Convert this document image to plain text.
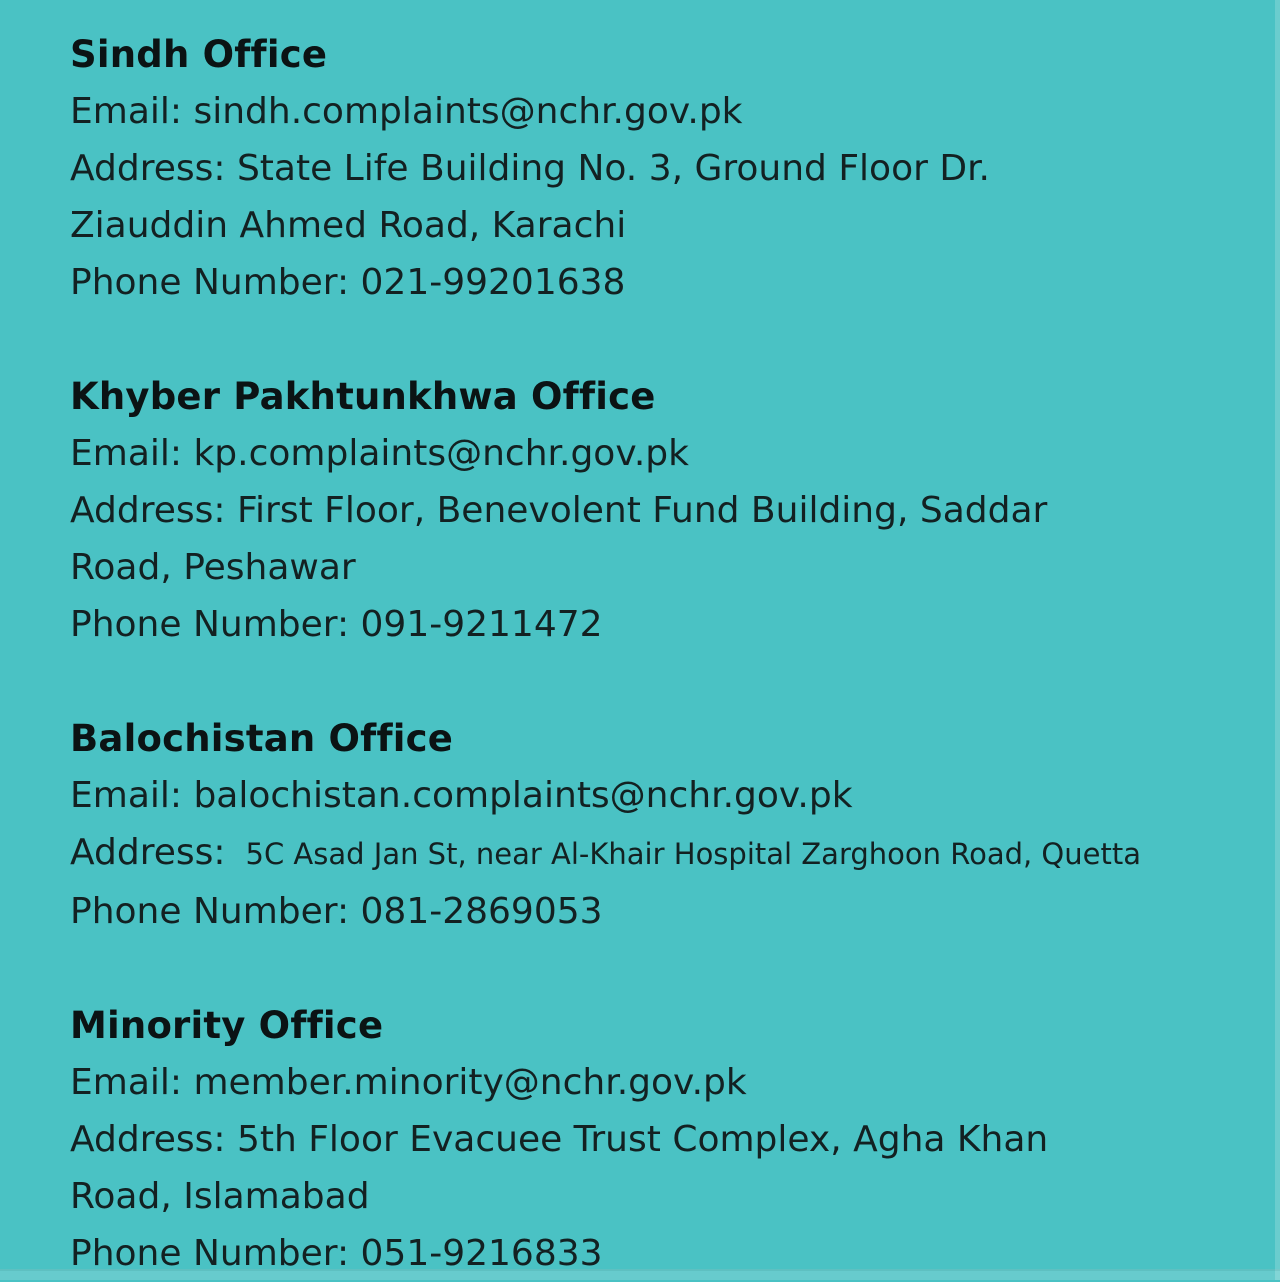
Sindh Office

Email: sindh.complaints@nchr.gov.pk

Address: State Life Building No. 3, Ground Floor Dr.

Ziauddin Ahmed Road, Karachi

Phone Number: 021-99201638

Khyber Pakhtunkhwa Office

Email: kp.complaints@nchr.gov.pk

Address: First Floor, Benevolent Fund Building, Saddar

Road, Peshawar

Phone Number: 091-9211472

Balochistan Office

Email: balochistan.complaints@nchr.gov.pk

Address: 5C Asad Jan St, near Al-Khair Hospital Zarghoon Road, Quetta

Phone Number: 081-2869053

Minority Office

Email: member.minority@nchr.gov.pk

Address: 5th Floor Evacuee Trust Complex, Agha Khan

Road, Islamabad

Phone Number: 051-9216833
